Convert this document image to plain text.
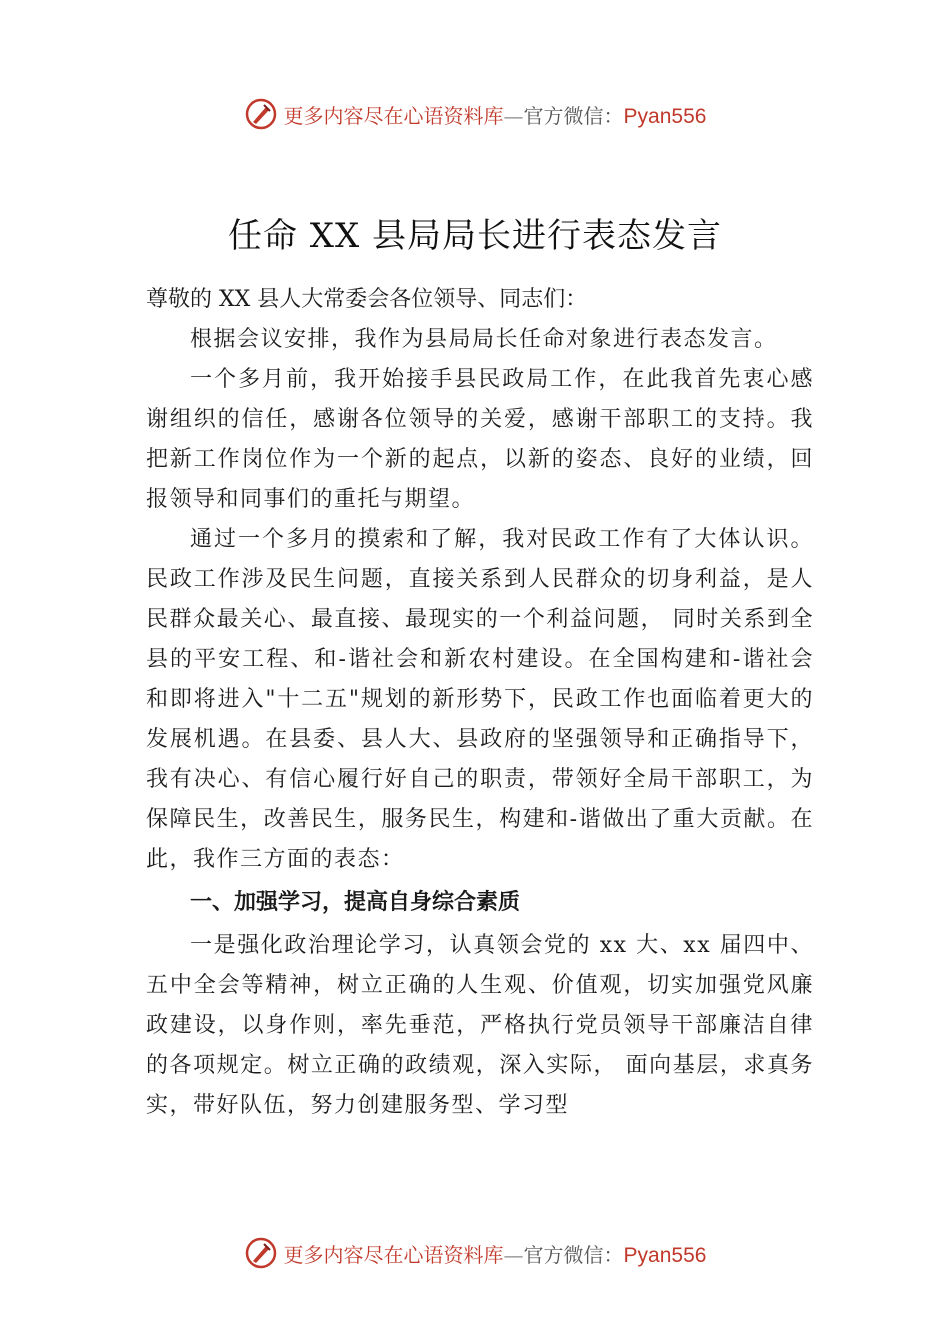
更多内容尽在心语资料库—官方微信：Pyan556
任命 XX 县局局长进行表态发言

尊敬的 XX 县人大常委会各位领导、同志们：

根据会议安排，我作为县局局长任命对象进行表态发言。

一个多月前，我开始接手县民政局工作，在此我首先衷心感谢组织的信任，感谢各位领导的关爱，感谢干部职工的支持。我把新工作岗位作为一个新的起点，以新的姿态、良好的业绩，回报领导和同事们的重托与期望。

通过一个多月的摸索和了解，我对民政工作有了大体认识。民政工作涉及民生问题，直接关系到人民群众的切身利益，是人民群众最关心、最直接、最现实的一个利益问题， 同时关系到全县的平安工程、和-谐社会和新农村建设。在全国构建和-谐社会和即将进入"十二五"规划的新形势下，民政工作也面临着更大的发展机遇。在县委、县人大、县政府的坚强领导和正确指导下，我有决心、有信心履行好自己的职责，带领好全局干部职工，为保障民生，改善民生，服务民生，构建和-谐做出了重大贡献。在此，我作三方面的表态：

一、加强学习，提高自身综合素质

一是强化政治理论学习，认真领会党的 xx 大、xx 届四中、五中全会等精神，树立正确的人生观、价值观，切实加强党风廉政建设，以身作则，率先垂范，严格执行党员领导干部廉洁自律的各项规定。树立正确的政绩观，深入实际， 面向基层，求真务实，带好队伍，努力创建服务型、学习型

更多内容尽在心语资料库—官方微信：Pyan556
